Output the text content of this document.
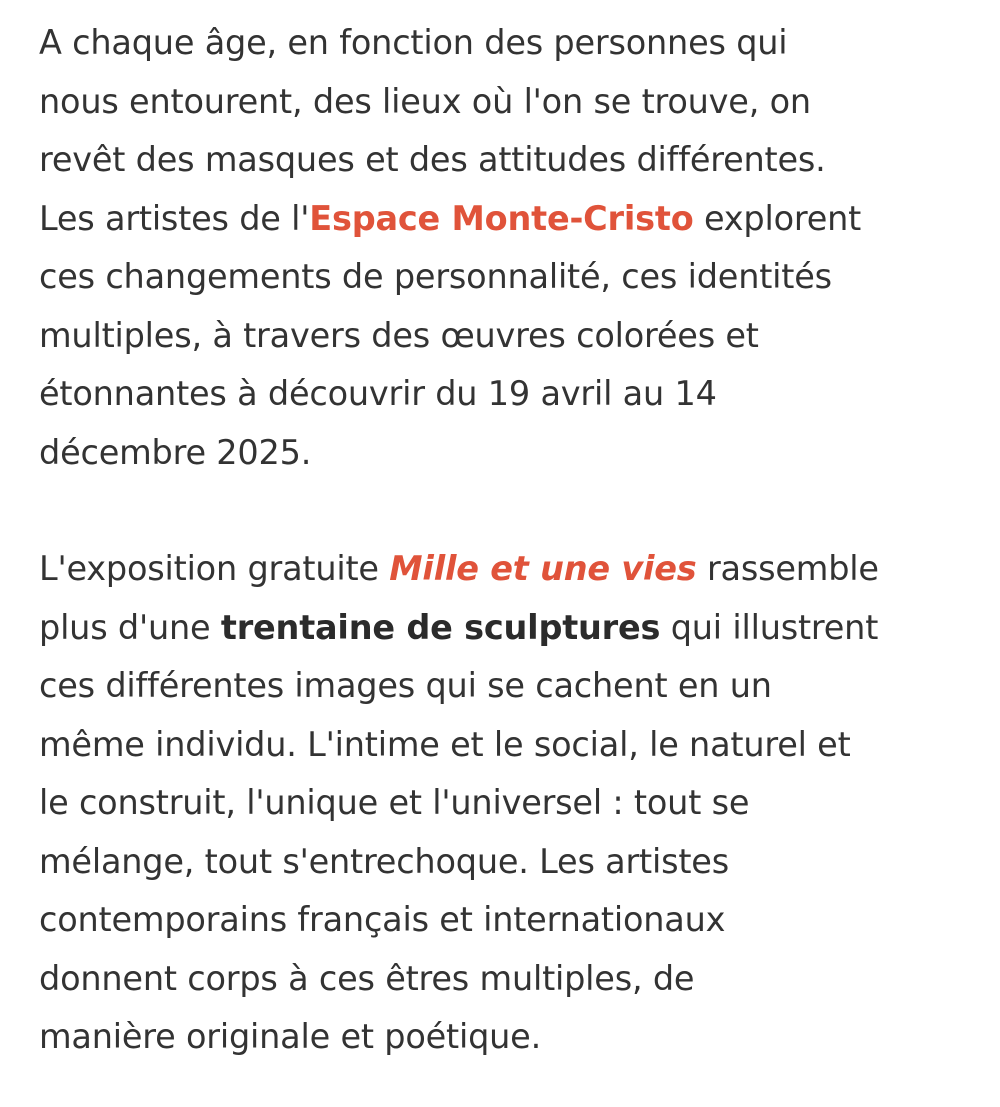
A chaque âge, en fonction des personnes qui
nous entourent, des lieux où l'on se trouve, on
revêt des masques et des attitudes différentes.
Les artistes de l'Espace Monte-Cristo explorent
ces changements de personnalité, ces identités
multiples, à travers des œuvres colorées et
étonnantes à découvrir du 19 avril au 14
décembre 2025.

L'exposition gratuite Mille et une vies rassemble
plus d'une trentaine de sculptures qui illustrent
ces différentes images qui se cachent en un
même individu. L'intime et le social, le naturel et
le construit, l'unique et l'universel : tout se
mélange, tout s'entrechoque. Les artistes
contemporains français et internationaux
donnent corps à ces êtres multiples, de
manière originale et poétique.
